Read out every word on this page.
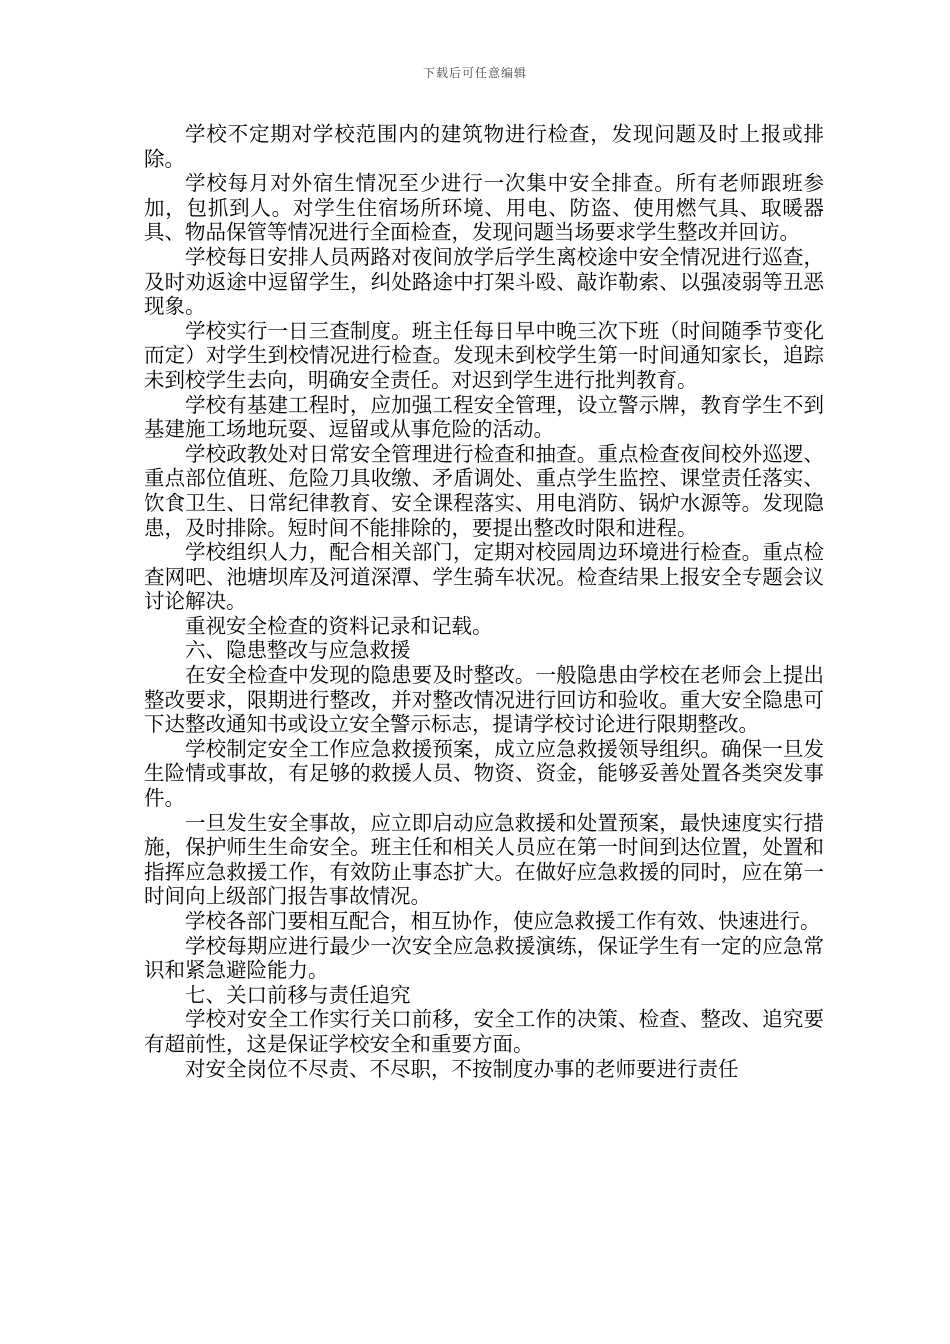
下载后可任意编辑

学校不定期对学校范围内的建筑物进行检查，发现问题及时上报或排除。

学校每月对外宿生情况至少进行一次集中安全排查。所有老师跟班参加，包抓到人。对学生住宿场所环境、用电、防盗、使用燃气具、取暖器具、物品保管等情况进行全面检查，发现问题当场要求学生整改并回访。

学校每日安排人员两路对夜间放学后学生离校途中安全情况进行巡查，及时劝返途中逗留学生，纠处路途中打架斗殴、敲诈勒索、以强凌弱等丑恶现象。

学校实行一日三查制度。班主任每日早中晚三次下班（时间随季节变化而定）对学生到校情况进行检查。发现未到校学生第一时间通知家长，追踪未到校学生去向，明确安全责任。对迟到学生进行批判教育。

学校有基建工程时，应加强工程安全管理，设立警示牌，教育学生不到基建施工场地玩耍、逗留或从事危险的活动。

学校政教处对日常安全管理进行检查和抽查。重点检查夜间校外巡逻、重点部位值班、危险刀具收缴、矛盾调处、重点学生监控、课堂责任落实、饮食卫生、日常纪律教育、安全课程落实、用电消防、锅炉水源等。发现隐患，及时排除。短时间不能排除的，要提出整改时限和进程。

学校组织人力，配合相关部门，定期对校园周边环境进行检查。重点检查网吧、池塘坝库及河道深潭、学生骑车状况。检查结果上报安全专题会议讨论解决。

重视安全检查的资料记录和记载。

六、隐患整改与应急救援

在安全检查中发现的隐患要及时整改。一般隐患由学校在老师会上提出整改要求，限期进行整改，并对整改情况进行回访和验收。重大安全隐患可下达整改通知书或设立安全警示标志，提请学校讨论进行限期整改。

学校制定安全工作应急救援预案，成立应急救援领导组织。确保一旦发生险情或事故，有足够的救援人员、物资、资金，能够妥善处置各类突发事件。

一旦发生安全事故，应立即启动应急救援和处置预案，最快速度实行措施，保护师生生命安全。班主任和相关人员应在第一时间到达位置，处置和指挥应急救援工作，有效防止事态扩大。在做好应急救援的同时，应在第一时间向上级部门报告事故情况。

学校各部门要相互配合，相互协作，使应急救援工作有效、快速进行。

学校每期应进行最少一次安全应急救援演练，保证学生有一定的应急常识和紧急避险能力。

七、关口前移与责任追究

学校对安全工作实行关口前移，安全工作的决策、检查、整改、追究要有超前性，这是保证学校安全和重要方面。

对安全岗位不尽责、不尽职，不按制度办事的老师要进行责任
